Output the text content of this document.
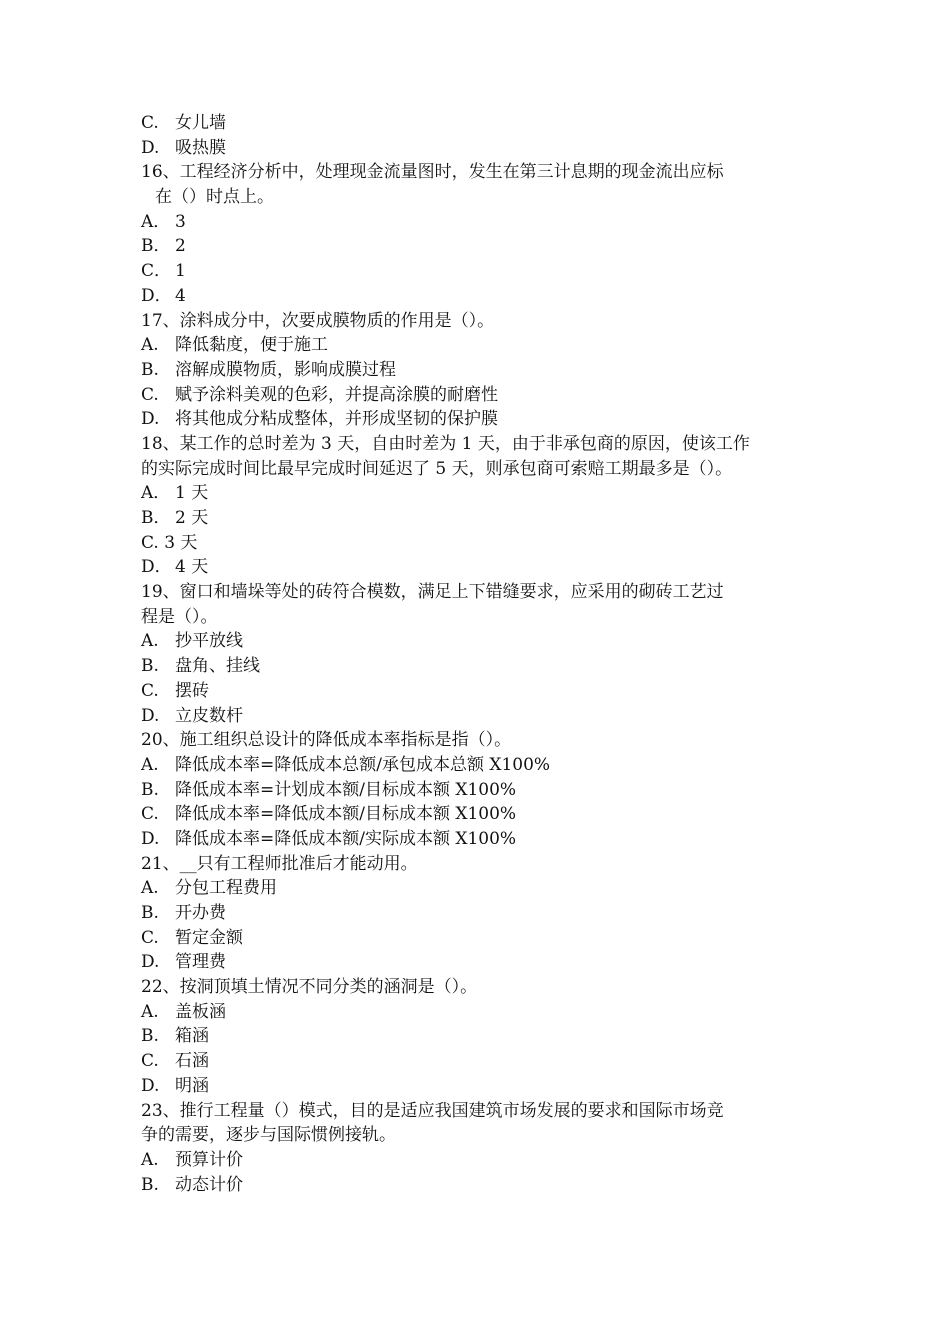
C. 女儿墙
D. 吸热膜
16、工程经济分析中，处理现金流量图时，发生在第三计息期的现金流出应标
在（）时点上。
A． 3
B． 2
C． 1
D． 4
17、涂料成分中，次要成膜物质的作用是（）。
A. 降低黏度，便于施工
B. 溶解成膜物质，影响成膜过程
C. 赋予涂料美观的色彩，并提高涂膜的耐磨性
D. 将其他成分粘成整体，并形成坚韧的保护膜
18、某工作的总时差为 3 天，自由时差为 1 天，由于非承包商的原因，使该工作
的实际完成时间比最早完成时间延迟了 5 天，则承包商可索赔工期最多是（）。
A． 1 天
B． 2 天
C. 3 天
D． 4 天
19、窗口和墙垛等处的砖符合模数，满足上下错缝要求，应采用的砌砖工艺过
程是（）。
A. 抄平放线
B. 盘角、挂线
C. 摆砖
D. 立皮数杆
20、施工组织总设计的降低成本率指标是指（）。
A. 降低成本率=降低成本总额/承包成本总额 X100%
B. 降低成本率=计划成本额/目标成本额 X100%
C. 降低成本率=降低成本额/目标成本额 X100%
D. 降低成本率=降低成本额/实际成本额 X100%
21、__只有工程师批准后才能动用。
A. 分包工程费用
B. 开办费
C. 暂定金额
D. 管理费
22、按洞顶填土情况不同分类的涵洞是（）。
A. 盖板涵
B. 箱涵
C. 石涵
D. 明涵
23、推行工程量（）模式，目的是适应我国建筑市场发展的要求和国际市场竞
争的需要，逐步与国际惯例接轨。
A. 预算计价
B. 动态计价
